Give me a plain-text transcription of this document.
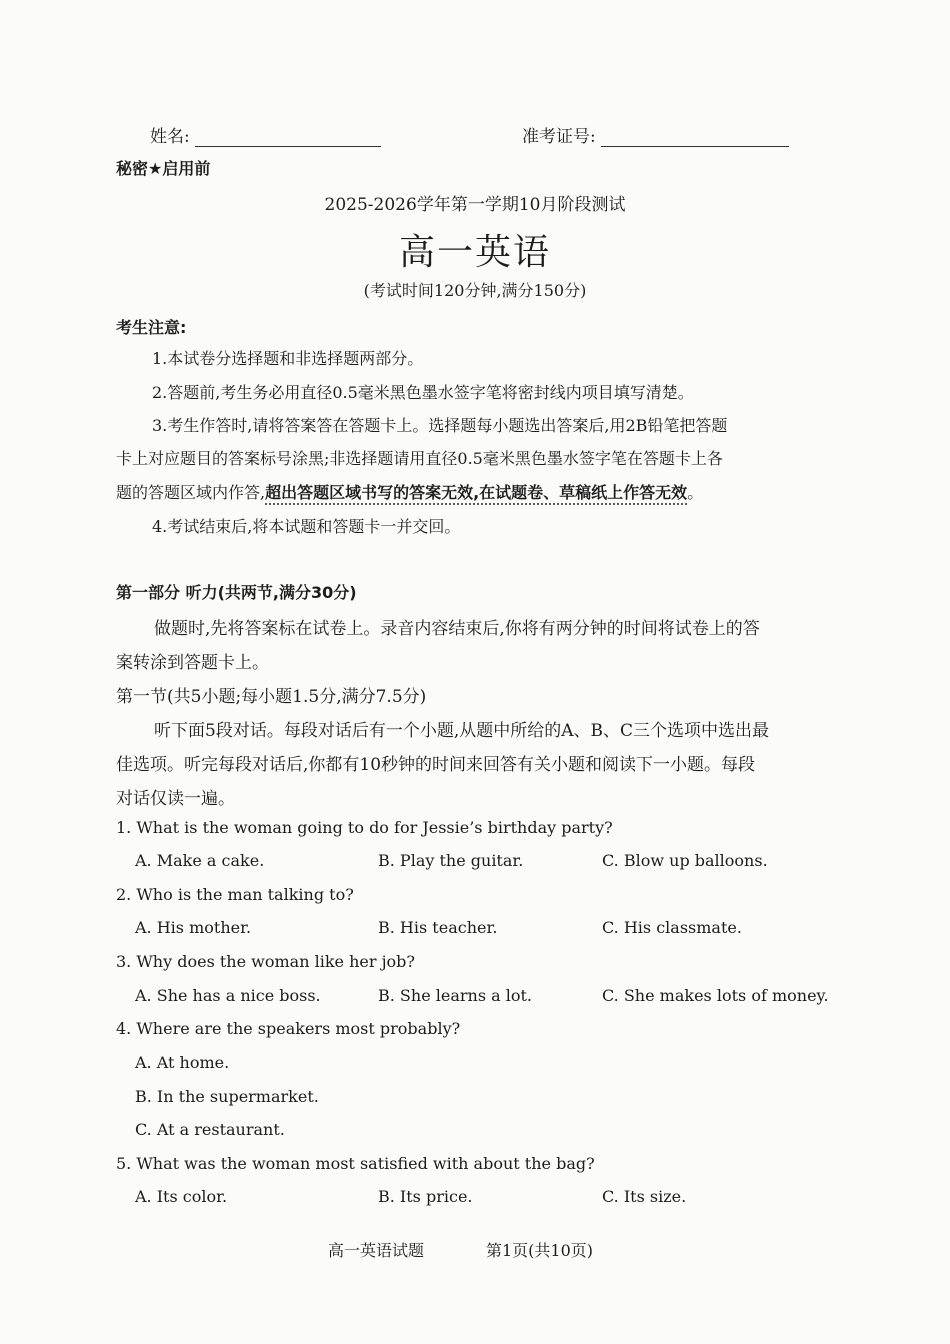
姓名:	准考证号:
秘密★启用前
2025-2026学年第一学期10月阶段测试
高一英语
(考试时间120分钟,满分150分)
考生注意:
1.本试卷分选择题和非选择题两部分。
2.答题前,考生务必用直径0.5毫米黑色墨水签字笔将密封线内项目填写清楚。
3.考生作答时,请将答案答在答题卡上。选择题每小题选出答案后,用2B铅笔把答题
卡上对应题目的答案标号涂黑;非选择题请用直径0.5毫米黑色墨水签字笔在答题卡上各
题的答题区域内作答,超出答题区域书写的答案无效,在试题卷、草稿纸上作答无效。
4.考试结束后,将本试题和答题卡一并交回。
第一部分 听力(共两节,满分30分)
做题时,先将答案标在试卷上。录音内容结束后,你将有两分钟的时间将试卷上的答
案转涂到答题卡上。
第一节(共5小题;每小题1.5分,满分7.5分)
听下面5段对话。每段对话后有一个小题,从题中所给的A、B、C三个选项中选出最
佳选项。听完每段对话后,你都有10秒钟的时间来回答有关小题和阅读下一小题。每段
对话仅读一遍。
1. What is the woman going to do for Jessie’s birthday party?
A. Make a cake.	B. Play the guitar.	C. Blow up balloons.
2. Who is the man talking to?
A. His mother.	B. His teacher.	C. His classmate.
3. Why does the woman like her job?
A. She has a nice boss.	B. She learns a lot.	C. She makes lots of money.
4. Where are the speakers most probably?
A. At home.
B. In the supermarket.
C. At a restaurant.
5. What was the woman most satisfied with about the bag?
A. Its color.	B. Its price.	C. Its size.
高一英语试题	第1页(共10页)
